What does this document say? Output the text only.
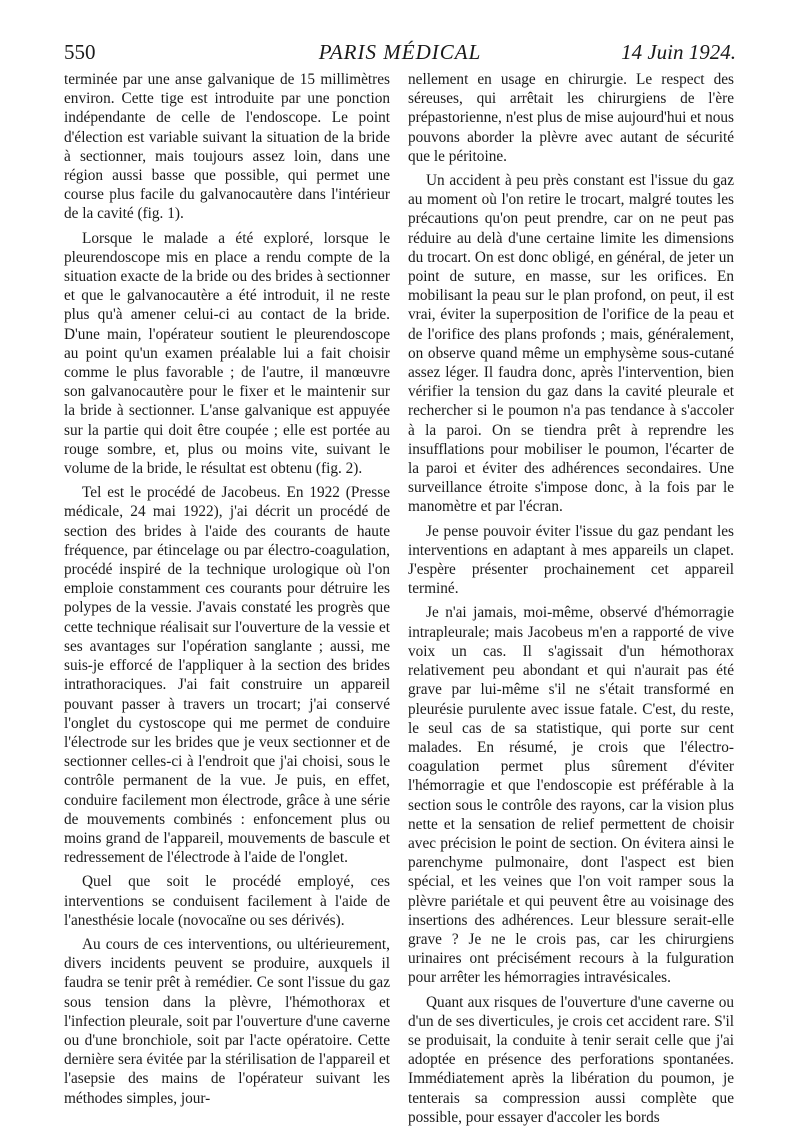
550	PARIS MÉDICAL	14 Juin 1924.

terminée par une anse galvanique de 15 millimètres environ. Cette tige est introduite par une ponction indépendante de celle de l'endoscope. Le point d'élection est variable suivant la situation de la bride à sectionner, mais toujours assez loin, dans une région aussi basse que possible, qui permet une course plus facile du galvanocautère dans l'intérieur de la cavité (fig. 1).

Lorsque le malade a été exploré, lorsque le pleurendoscope mis en place a rendu compte de la situation exacte de la bride ou des brides à sectionner et que le galvanocautère a été introduit, il ne reste plus qu'à amener celui-ci au contact de la bride. D'une main, l'opérateur soutient le pleurendoscope au point qu'un examen préalable lui a fait choisir comme le plus favorable ; de l'autre, il manœuvre son galvanocautère pour le fixer et le maintenir sur la bride à sectionner. L'anse galvanique est appuyée sur la partie qui doit être coupée ; elle est portée au rouge sombre, et, plus ou moins vite, suivant le volume de la bride, le résultat est obtenu (fig. 2).

Tel est le procédé de Jacobeus. En 1922 (Presse médicale, 24 mai 1922), j'ai décrit un procédé de section des brides à l'aide des courants de haute fréquence, par étincelage ou par électro-coagulation, procédé inspiré de la technique urologique où l'on emploie constamment ces courants pour détruire les polypes de la vessie. J'avais constaté les progrès que cette technique réalisait sur l'ouverture de la vessie et ses avantages sur l'opération sanglante ; aussi, me suis-je efforcé de l'appliquer à la section des brides intrathoraciques. J'ai fait construire un appareil pouvant passer à travers un trocart; j'ai conservé l'onglet du cystoscope qui me permet de conduire l'électrode sur les brides que je veux sectionner et de sectionner celles-ci à l'endroit que j'ai choisi, sous le contrôle permanent de la vue. Je puis, en effet, conduire facilement mon électrode, grâce à une série de mouvements combinés : enfoncement plus ou moins grand de l'appareil, mouvements de bascule et redressement de l'électrode à l'aide de l'onglet.

Quel que soit le procédé employé, ces interventions se conduisent facilement à l'aide de l'anesthésie locale (novocaïne ou ses dérivés).

Au cours de ces interventions, ou ultérieurement, divers incidents peuvent se produire, auxquels il faudra se tenir prêt à remédier. Ce sont l'issue du gaz sous tension dans la plèvre, l'hémothorax et l'infection pleurale, soit par l'ouverture d'une caverne ou d'une bronchiole, soit par l'acte opératoire. Cette dernière sera évitée par la stérilisation de l'appareil et l'asepsie des mains de l'opérateur suivant les méthodes simples, jour-

nellement en usage en chirurgie. Le respect des séreuses, qui arrêtait les chirurgiens de l'ère prépastorienne, n'est plus de mise aujourd'hui et nous pouvons aborder la plèvre avec autant de sécurité que le péritoine.

Un accident à peu près constant est l'issue du gaz au moment où l'on retire le trocart, malgré toutes les précautions qu'on peut prendre, car on ne peut pas réduire au delà d'une certaine limite les dimensions du trocart. On est donc obligé, en général, de jeter un point de suture, en masse, sur les orifices. En mobilisant la peau sur le plan profond, on peut, il est vrai, éviter la superposition de l'orifice de la peau et de l'orifice des plans profonds ; mais, généralement, on observe quand même un emphysème sous-cutané assez léger. Il faudra donc, après l'intervention, bien vérifier la tension du gaz dans la cavité pleurale et rechercher si le poumon n'a pas tendance à s'accoler à la paroi. On se tiendra prêt à reprendre les insufflations pour mobiliser le poumon, l'écarter de la paroi et éviter des adhérences secondaires. Une surveillance étroite s'impose donc, à la fois par le manomètre et par l'écran.

Je pense pouvoir éviter l'issue du gaz pendant les interventions en adaptant à mes appareils un clapet. J'espère présenter prochainement cet appareil terminé.

Je n'ai jamais, moi-même, observé d'hémorragie intrapleurale; mais Jacobeus m'en a rapporté de vive voix un cas. Il s'agissait d'un hémothorax relativement peu abondant et qui n'aurait pas été grave par lui-même s'il ne s'était transformé en pleurésie purulente avec issue fatale. C'est, du reste, le seul cas de sa statistique, qui porte sur cent malades. En résumé, je crois que l'électro-coagulation permet plus sûrement d'éviter l'hémorragie et que l'endoscopie est préférable à la section sous le contrôle des rayons, car la vision plus nette et la sensation de relief permettent de choisir avec précision le point de section. On évitera ainsi le parenchyme pulmonaire, dont l'aspect est bien spécial, et les veines que l'on voit ramper sous la plèvre pariétale et qui peuvent être au voisinage des insertions des adhérences. Leur blessure serait-elle grave ? Je ne le crois pas, car les chirurgiens urinaires ont précisément recours à la fulguration pour arrêter les hémorragies intravésicales.

Quant aux risques de l'ouverture d'une caverne ou d'un de ses diverticules, je crois cet accident rare. S'il se produisait, la conduite à tenir serait celle que j'ai adoptée en présence des perforations spontanées. Immédiatement après la libération du poumon, je tenterais sa compression aussi complète que possible, pour essayer d'accoler les bords
